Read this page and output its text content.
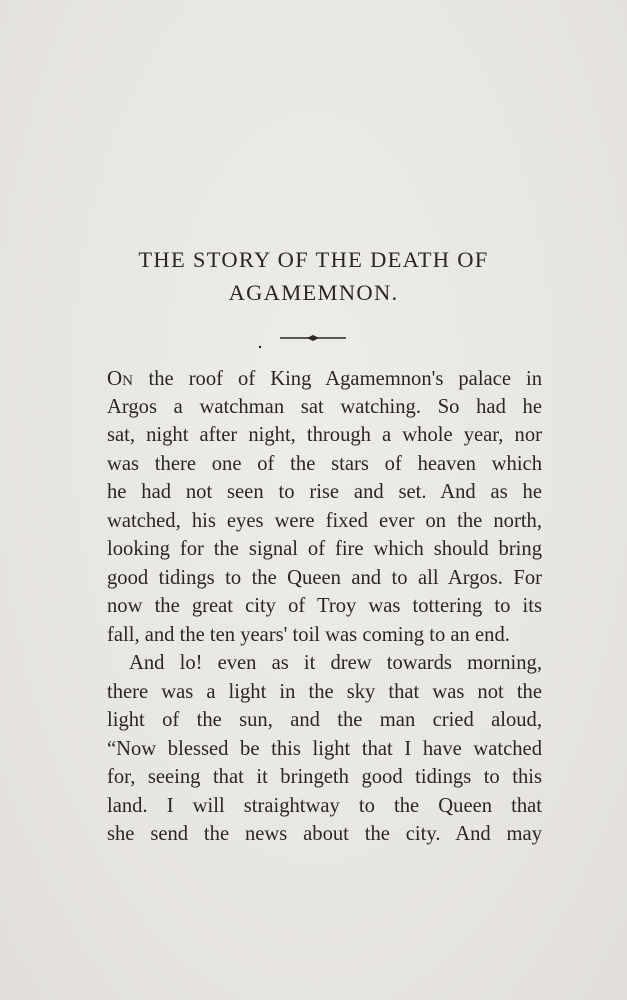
THE STORY OF THE DEATH OF
AGAMEMNON.
ON the roof of King Agamemnon's palace in
Argos a watchman sat watching. So had he
sat, night after night, through a whole year, nor
was there one of the stars of heaven which
he had not seen to rise and set. And as he
watched, his eyes were fixed ever on the north,
looking for the signal of fire which should bring
good tidings to the Queen and to all Argos. For
now the great city of Troy was tottering to its
fall, and the ten years' toil was coming to an end.
And lo! even as it drew towards morning,
there was a light in the sky that was not the
light of the sun, and the man cried aloud,
“Now blessed be this light that I have watched
for, seeing that it bringeth good tidings to this
land. I will straightway to the Queen that
she send the news about the city. And may
